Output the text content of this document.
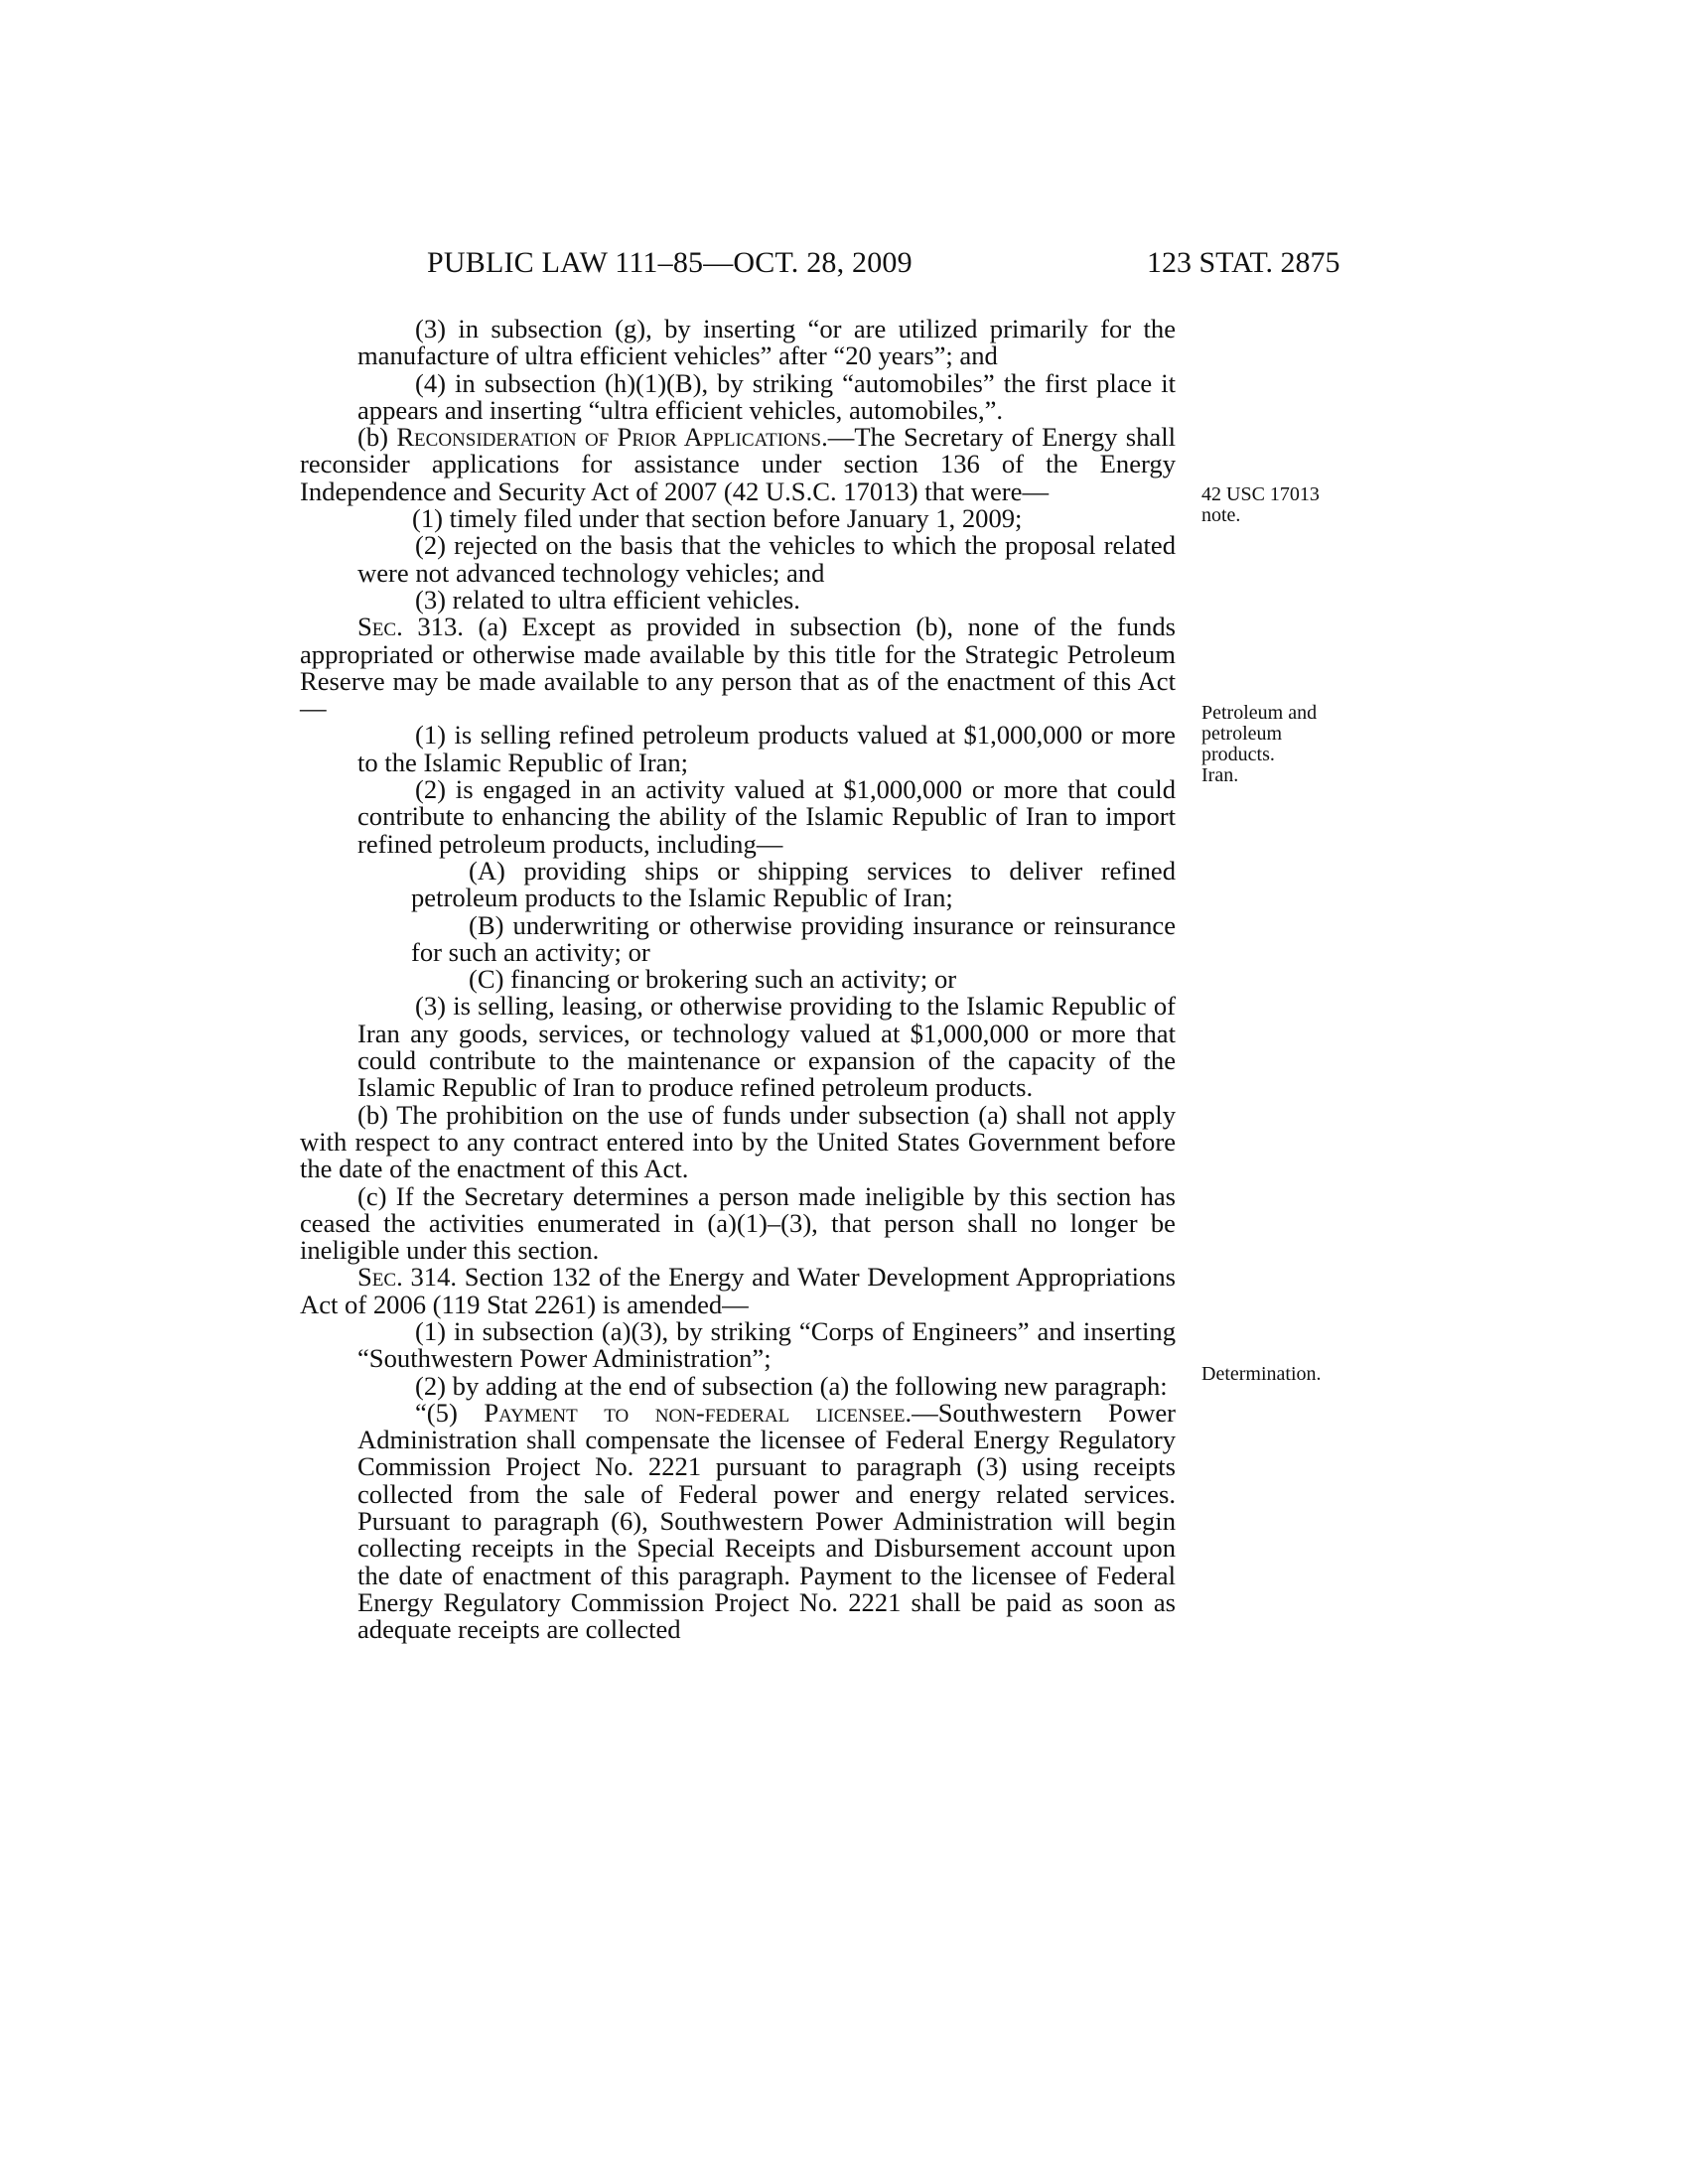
PUBLIC LAW 111–85—OCT. 28, 2009	123 STAT. 2875
42 USC 17013
note.
Petroleum and
petroleum
products.
Iran.
Determination.

(3) in subsection (g), by inserting “or are utilized primarily for the manufacture of ultra efficient vehicles” after “20 years”; and

(4) in subsection (h)(1)(B), by striking “automobiles” the first place it appears and inserting “ultra efficient vehicles, automobiles,”.

(b) Reconsideration of Prior Applications.—The Secretary of Energy shall reconsider applications for assistance under section 136 of the Energy Independence and Security Act of 2007 (42 U.S.C. 17013) that were—

(1) timely filed under that section before January 1, 2009;

(2) rejected on the basis that the vehicles to which the proposal related were not advanced technology vehicles; and

(3) related to ultra efficient vehicles.

Sec. 313. (a) Except as provided in subsection (b), none of the funds appropriated or otherwise made available by this title for the Strategic Petroleum Reserve may be made available to any person that as of the enactment of this Act—

(1) is selling refined petroleum products valued at $1,000,000 or more to the Islamic Republic of Iran;

(2) is engaged in an activity valued at $1,000,000 or more that could contribute to enhancing the ability of the Islamic Republic of Iran to import refined petroleum products, including—

(A) providing ships or shipping services to deliver refined petroleum products to the Islamic Republic of Iran;

(B) underwriting or otherwise providing insurance or reinsurance for such an activity; or

(C) financing or brokering such an activity; or

(3) is selling, leasing, or otherwise providing to the Islamic Republic of Iran any goods, services, or technology valued at $1,000,000 or more that could contribute to the maintenance or expansion of the capacity of the Islamic Republic of Iran to produce refined petroleum products.

(b) The prohibition on the use of funds under subsection (a) shall not apply with respect to any contract entered into by the United States Government before the date of the enactment of this Act.

(c) If the Secretary determines a person made ineligible by this section has ceased the activities enumerated in (a)(1)–(3), that person shall no longer be ineligible under this section.

Sec. 314. Section 132 of the Energy and Water Development Appropriations Act of 2006 (119 Stat 2261) is amended—

(1) in subsection (a)(3), by striking “Corps of Engineers” and inserting “Southwestern Power Administration”;

(2) by adding at the end of subsection (a) the following new paragraph:

“(5) Payment to non-federal licensee.—Southwestern Power Administration shall compensate the licensee of Federal Energy Regulatory Commission Project No. 2221 pursuant to paragraph (3) using receipts collected from the sale of Federal power and energy related services. Pursuant to paragraph (6), Southwestern Power Administration will begin collecting receipts in the Special Receipts and Disbursement account upon the date of enactment of this paragraph. Payment to the licensee of Federal Energy Regulatory Commission Project No. 2221 shall be paid as soon as adequate receipts are collected
